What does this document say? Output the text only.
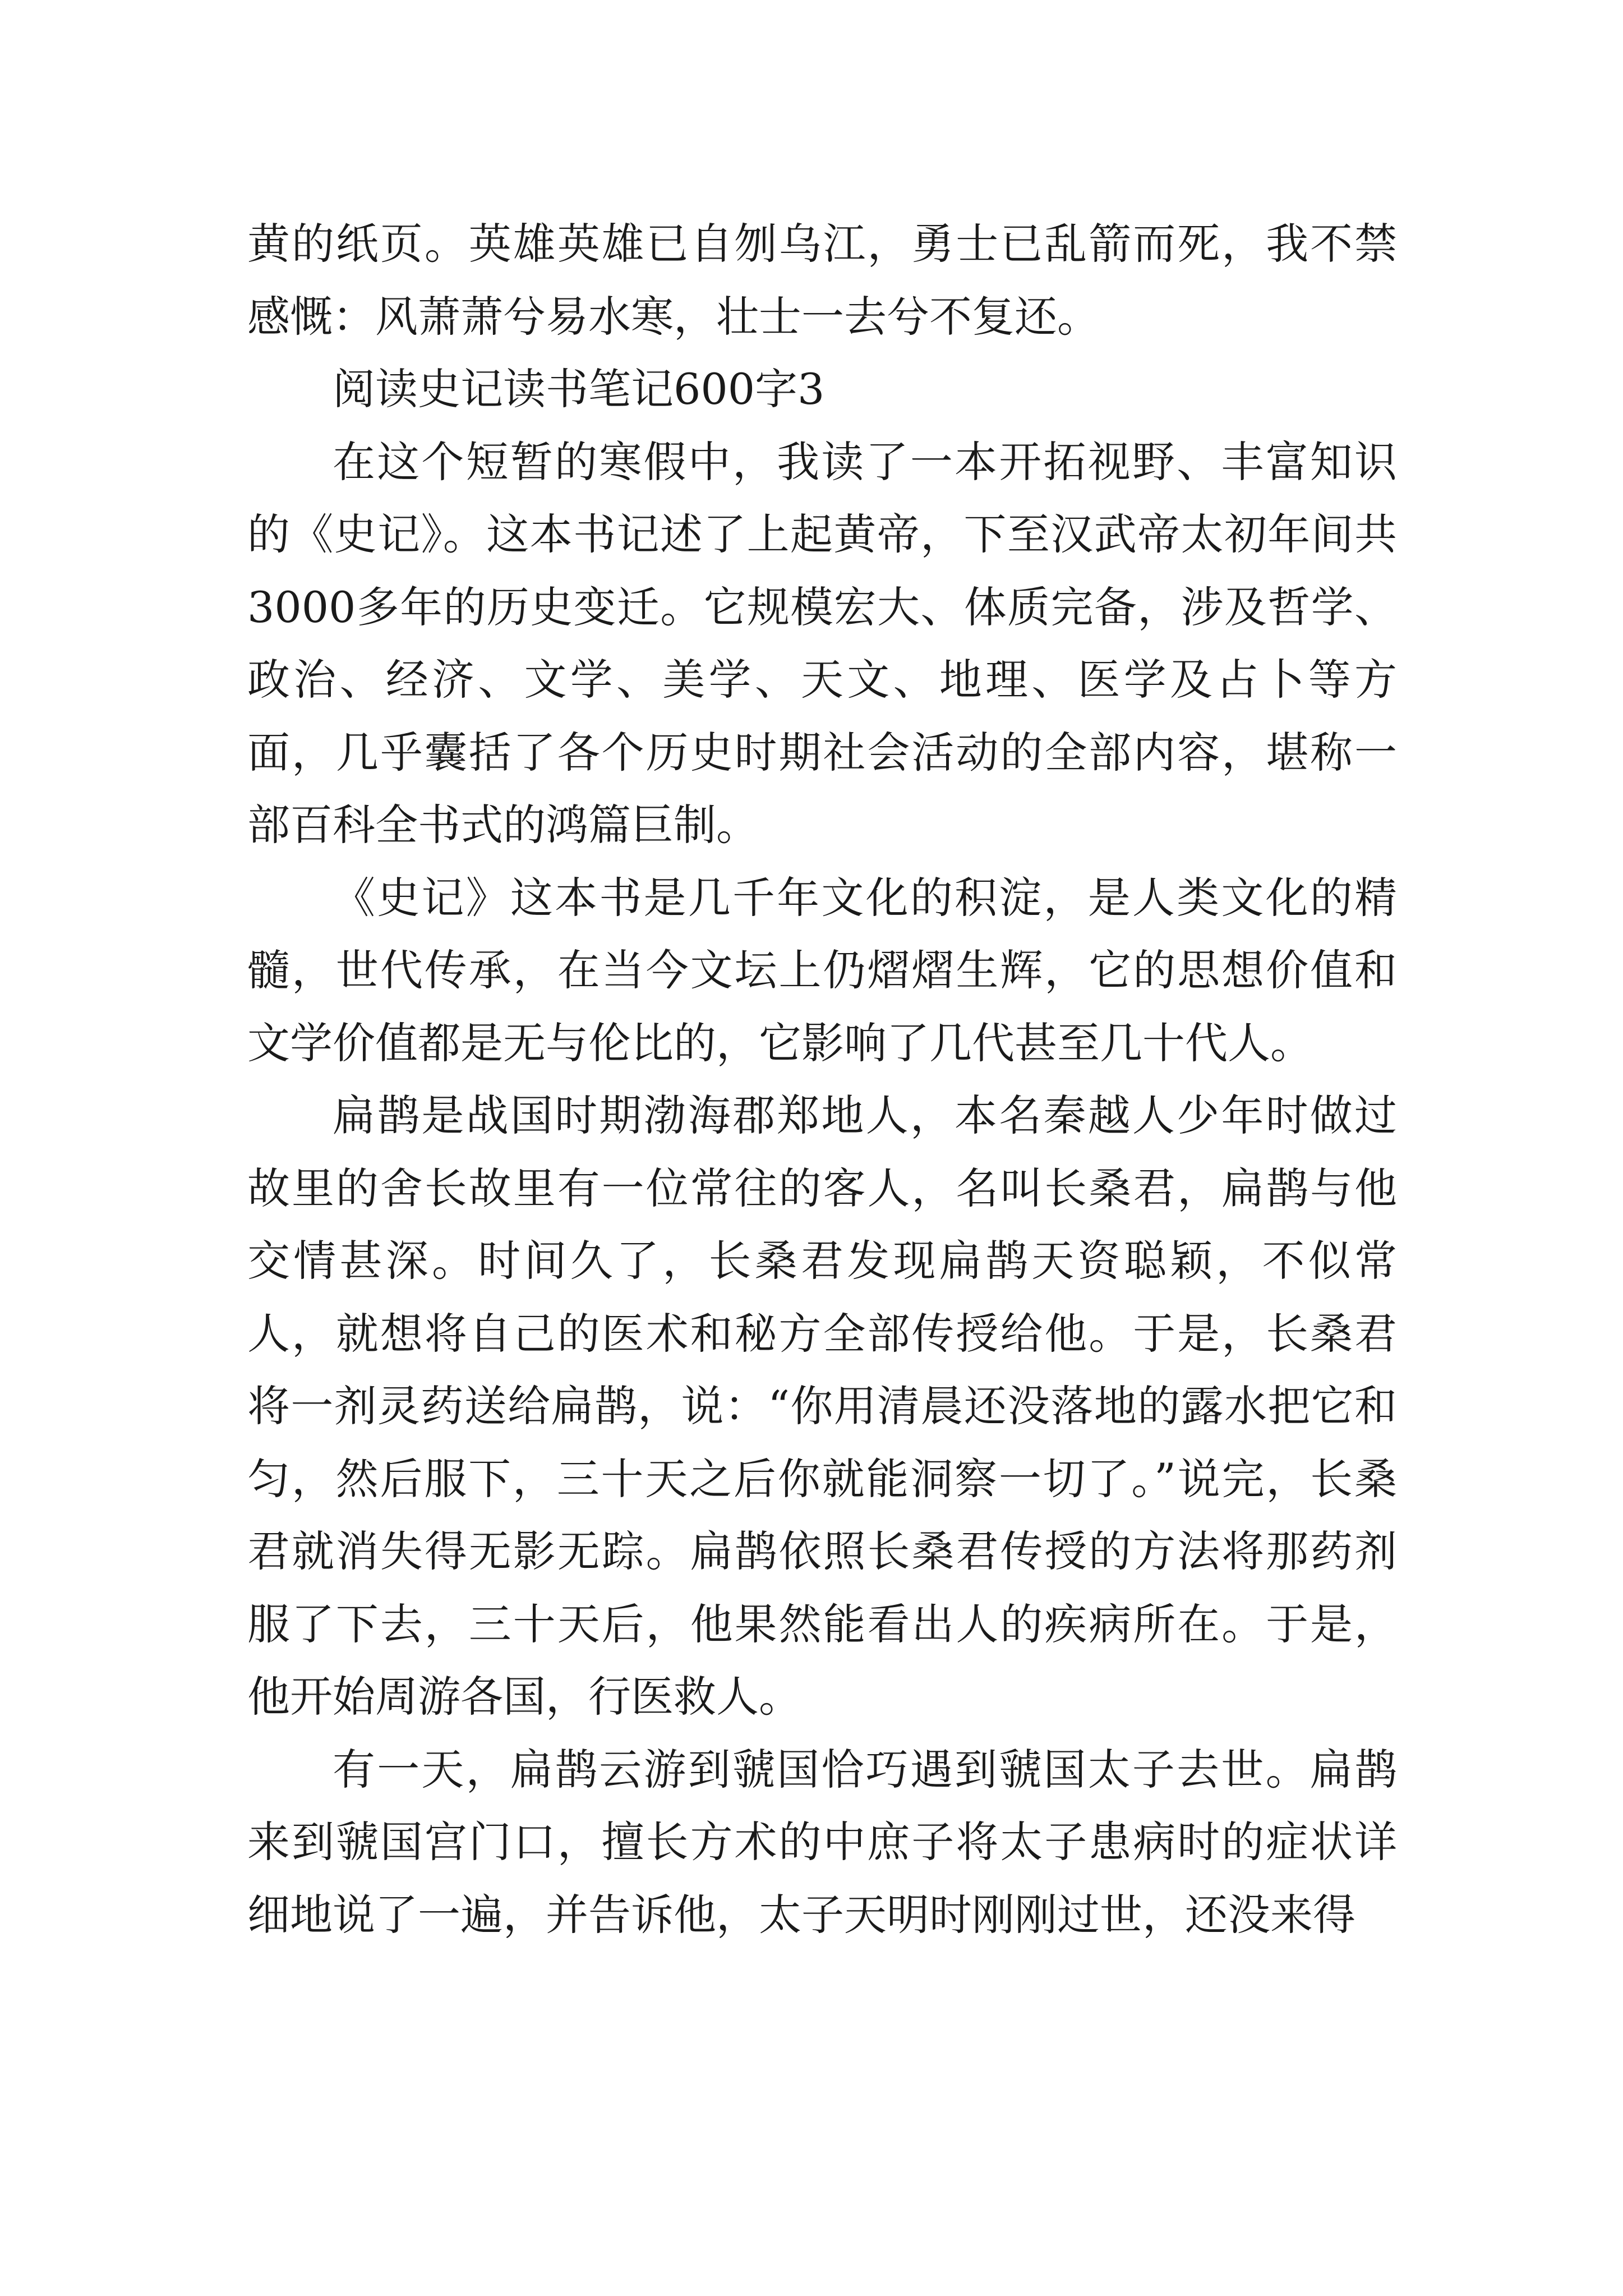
黄的纸页。英雄英雄已自刎乌江，勇士已乱箭而死，我不禁感慨：风萧萧兮易水寒，壮士一去兮不复还。

阅读史记读书笔记600字3

在这个短暂的寒假中，我读了一本开拓视野、丰富知识的《史记》。这本书记述了上起黄帝，下至汉武帝太初年间共3000多年的历史变迁。它规模宏大、体质完备，涉及哲学、政治、经济、文学、美学、天文、地理、医学及占卜等方面，几乎囊括了各个历史时期社会活动的全部内容，堪称一部百科全书式的鸿篇巨制。

《史记》这本书是几千年文化的积淀，是人类文化的精髓，世代传承，在当今文坛上仍熠熠生辉，它的思想价值和文学价值都是无与伦比的，它影响了几代甚至几十代人。

扁鹊是战国时期渤海郡郑地人，本名秦越人少年时做过故里的舍长故里有一位常往的客人，名叫长桑君，扁鹊与他交情甚深。时间久了，长桑君发现扁鹊天资聪颖，不似常人，就想将自己的医术和秘方全部传授给他。于是，长桑君将一剂灵药送给扁鹊，说：“你用清晨还没落地的露水把它和匀，然后服下，三十天之后你就能洞察一切了。”说完，长桑君就消失得无影无踪。扁鹊依照长桑君传授的方法将那药剂服了下去，三十天后，他果然能看出人的疾病所在。于是，他开始周游各国，行医救人。

有一天，扁鹊云游到虢国恰巧遇到虢国太子去世。扁鹊来到虢国宫门口，擅长方术的中庶子将太子患病时的症状详细地说了一遍，并告诉他，太子天明时刚刚过世，还没来得
